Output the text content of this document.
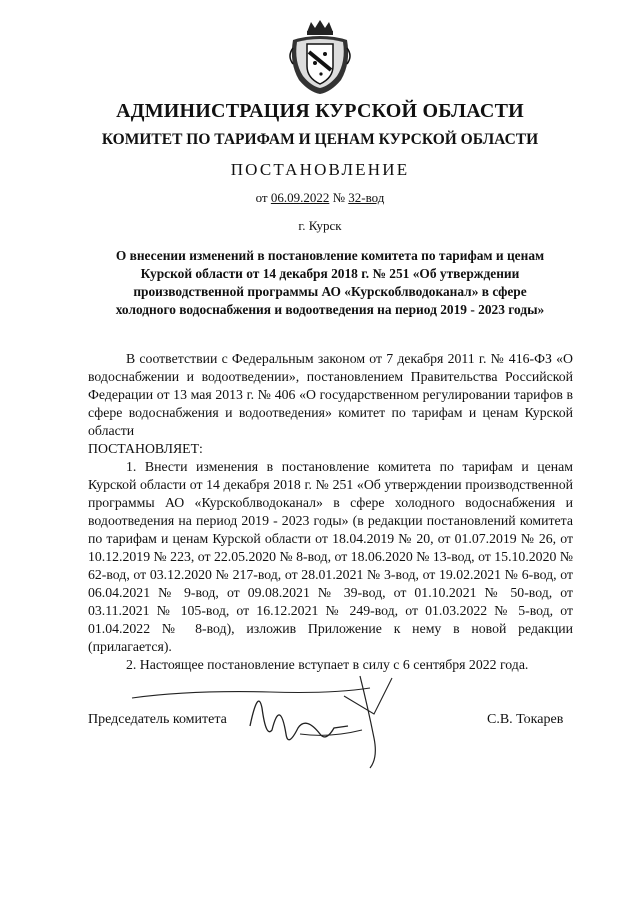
АДМИНИСТРАЦИЯ КУРСКОЙ ОБЛАСТИ
КОМИТЕТ ПО ТАРИФАМ И ЦЕНАМ КУРСКОЙ ОБЛАСТИ
ПОСТАНОВЛЕНИЕ
от 06.09.2022 № 32-вод
г. Курск
О внесении изменений в постановление комитета по тарифам и ценам
Курской области от 14 декабря 2018 г. № 251 «Об утверждении
производственной программы АО «Курскоблводоканал» в сфере
холодного водоснабжения и водоотведения на период 2019 - 2023 годы»

В соответствии с Федеральным законом от 7 декабря 2011 г. № 416-ФЗ «О водоснабжении и водоотведении», постановлением Правительства Российской Федерации от 13 мая 2013 г. № 406 «О государственном регулировании тарифов в сфере водоснабжения и водоотведения» комитет по тарифам и ценам Курской области

ПОСТАНОВЛЯЕТ:

1. Внести изменения в постановление комитета по тарифам и ценам Курской области от 14 декабря 2018 г. № 251 «Об утверждении производственной программы АО «Курскоблводоканал» в сфере холодного водоснабжения и водоотведения на период 2019 - 2023 годы» (в редакции постановлений комитета по тарифам и ценам Курской области от 18.04.2019 № 20, от 01.07.2019 № 26, от 10.12.2019 № 223, от 22.05.2020 № 8-вод, от 18.06.2020 № 13-вод, от 15.10.2020 № 62-вод, от 03.12.2020 № 217-вод, от 28.01.2021 № 3-вод, от 19.02.2021 № 6-вод, от 06.04.2021 № 9-вод, от 09.08.2021 № 39-вод, от 01.10.2021 № 50-вод, от 03.11.2021 № 105-вод, от 16.12.2021 № 249-вод, от 01.03.2022 № 5-вод, от 01.04.2022 № 8-вод), изложив Приложение к нему в новой редакции (прилагается).

2. Настоящее постановление вступает в силу с 6 сентября 2022 года.

Председатель комитета	С.В. Токарев
